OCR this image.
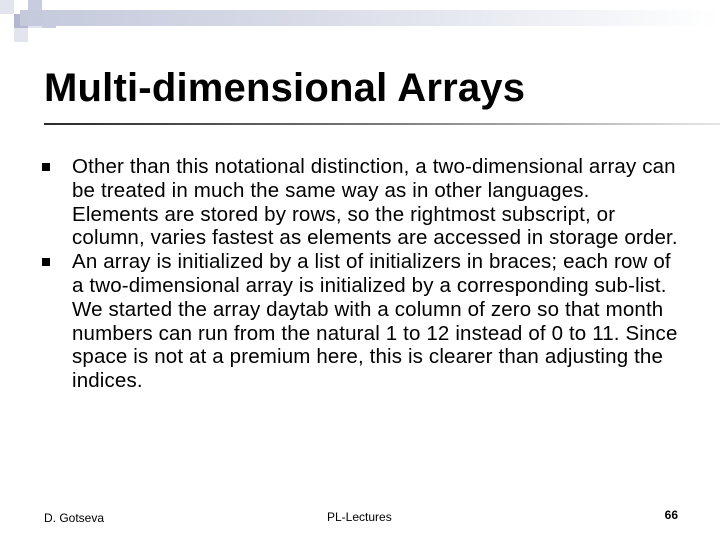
Multi-dimensional Arrays
Other than this notational distinction, a two-dimensional array can be treated in much the same way as in other languages. Elements are stored by rows, so the rightmost subscript, or column, varies fastest as elements are accessed in storage order.
An array is initialized by a list of initializers in braces; each row of a two-dimensional array is initialized by a corresponding sub-list. We started the array daytab with a column of zero so that month numbers can run from the natural 1 to 12 instead of 0 to 11. Since space is not at a premium here, this is clearer than adjusting the indices.
D. Gotseva	PL-Lectures	66
